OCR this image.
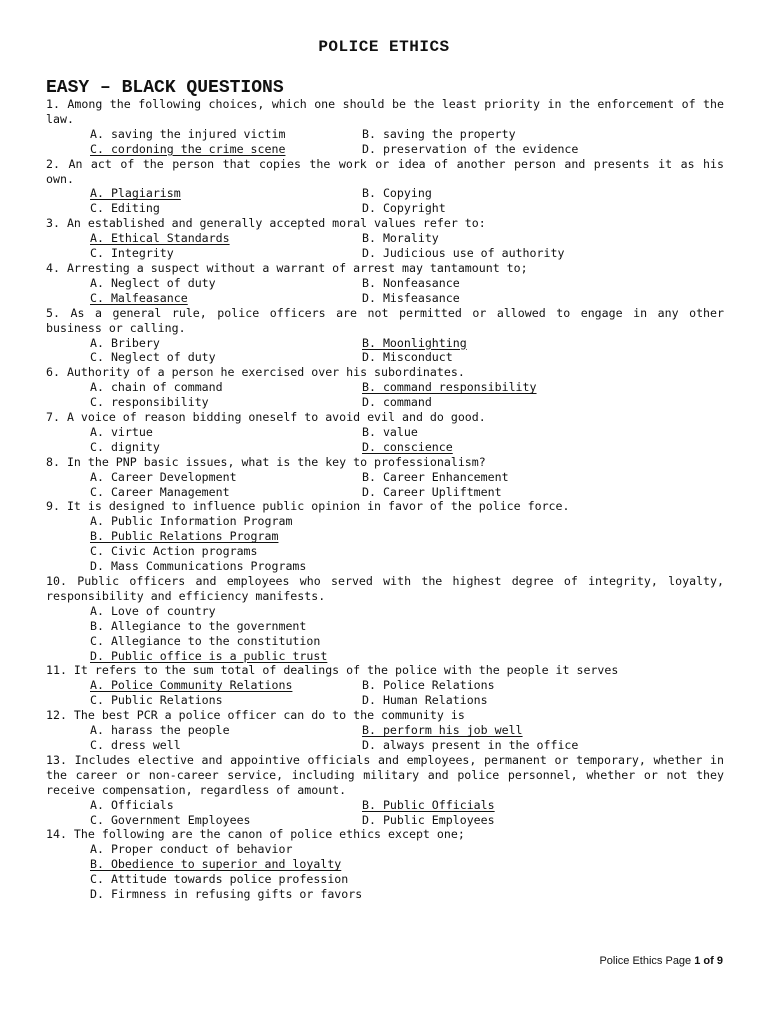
POLICE ETHICS
EASY – BLACK QUESTIONS
1. Among the following choices, which one should be the least priority in the enforcement of the law.
A. saving the injured victim	B. saving the property
C. cordoning the crime scene	D. preservation of the evidence
2. An act of the person that copies the work or idea of another person and presents it as his own.
A. Plagiarism	B. Copying
C. Editing	D. Copyright
3. An established and generally accepted moral values refer to:
A. Ethical Standards	B. Morality
C. Integrity	D. Judicious use of authority
4. Arresting a suspect without a warrant of arrest may tantamount to;
A. Neglect of duty	B. Nonfeasance
C. Malfeasance	D. Misfeasance
5. As a general rule, police officers are not permitted or allowed to engage in any other business or calling.
A. Bribery	B. Moonlighting
C. Neglect of duty	D. Misconduct
6. Authority of a person he exercised over his subordinates.
A. chain of command	B. command responsibility
C. responsibility	D. command
7. A voice of reason bidding oneself to avoid evil and do good.
A. virtue	B. value
C. dignity	D. conscience
8. In the PNP basic issues, what is the key to professionalism?
A. Career Development	B. Career Enhancement
C. Career Management	D. Career Upliftment
9. It is designed to influence public opinion in favor of the police force.
A. Public Information Program
B. Public Relations Program
C. Civic Action programs
D. Mass Communications Programs
10. Public officers and employees who served with the highest degree of integrity, loyalty, responsibility and efficiency manifests.
A. Love of country
B. Allegiance to the government
C. Allegiance to the constitution
D. Public office is a public trust
11. It refers to the sum total of dealings of the police with the people it serves
A. Police Community Relations	B. Police Relations
C. Public Relations	D. Human Relations
12. The best PCR a police officer can do to the community is
A. harass the people	B. perform his job well
C. dress well	D. always present in the office
13. Includes elective and appointive officials and employees, permanent or temporary, whether in the career or non-career service, including military and police personnel, whether or not they receive compensation, regardless of amount.
A. Officials	B. Public Officials
C. Government Employees	D. Public Employees
14. The following are the canon of police ethics except one;
A. Proper conduct of behavior
B. Obedience to superior and loyalty
C. Attitude towards police profession
D. Firmness in refusing gifts or favors
Police Ethics Page 1 of 9
